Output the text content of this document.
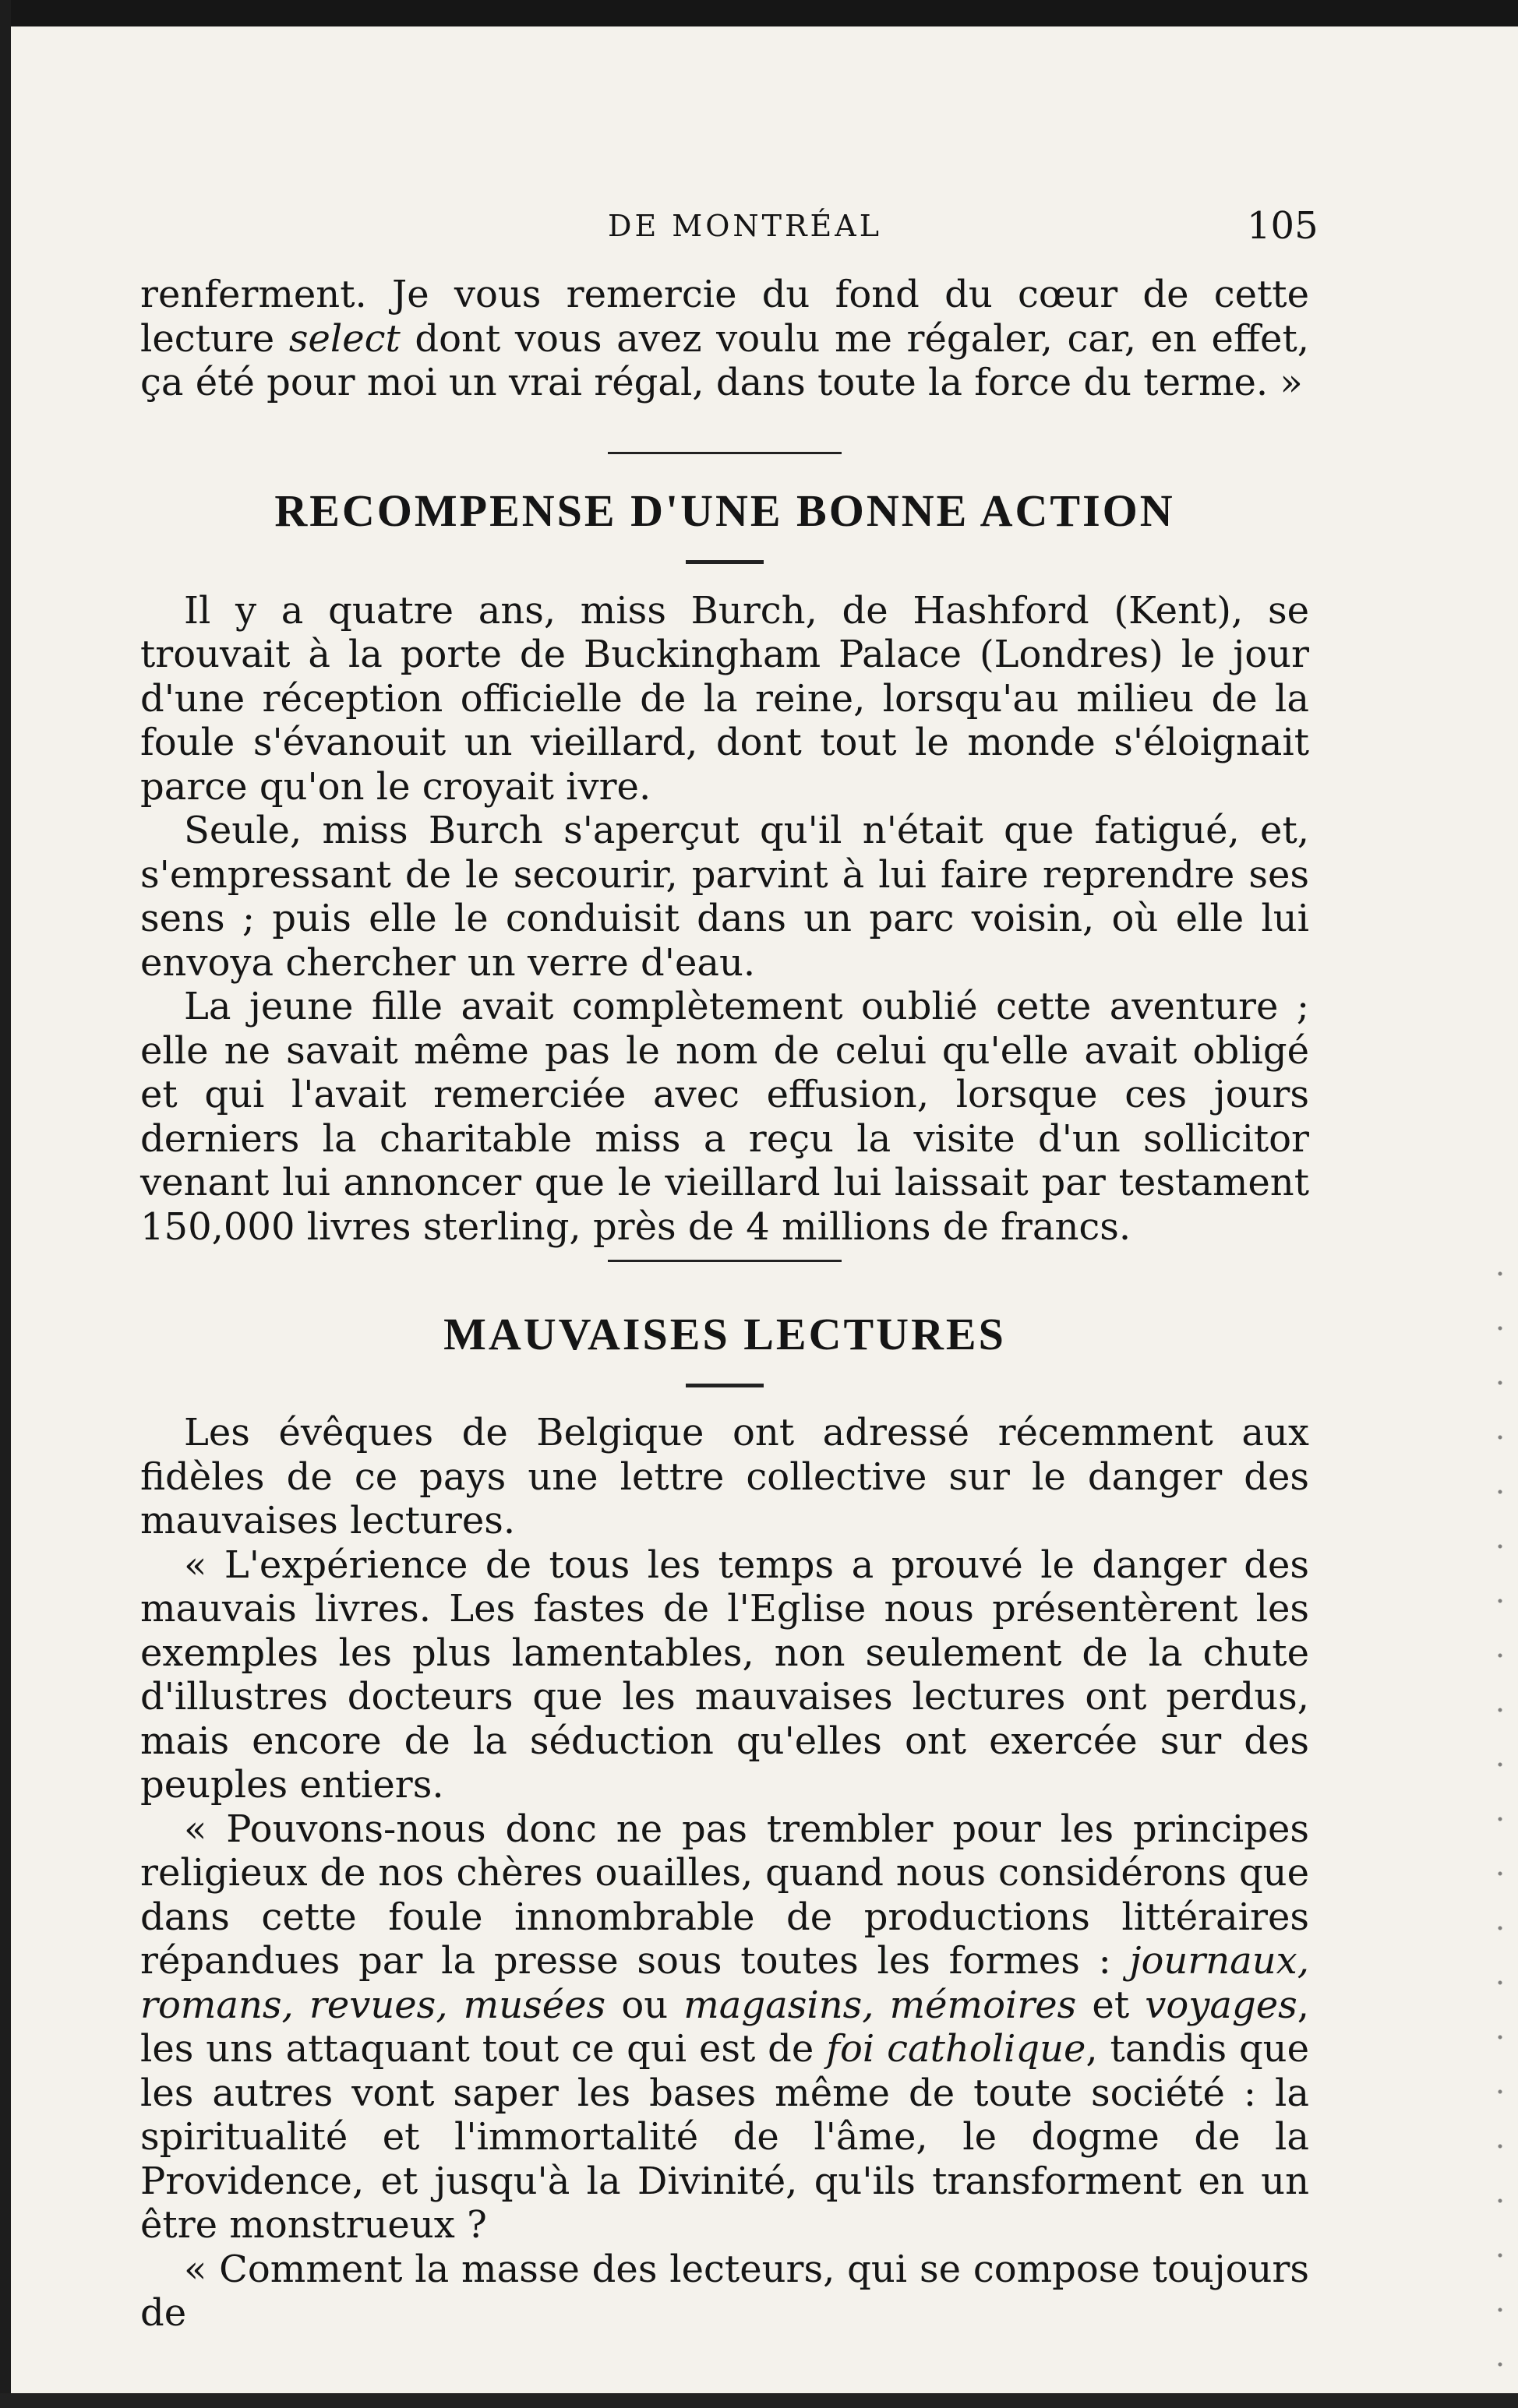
DE MONTRÉAL	105

renferment. Je vous remercie du fond du cœur de cette lecture select dont vous avez voulu me régaler, car, en effet, ça été pour moi un vrai régal, dans toute la force du terme. »

RECOMPENSE D'UNE BONNE ACTION

Il y a quatre ans, miss Burch, de Hashford (Kent), se trouvait à la porte de Buckingham Palace (Londres) le jour d'une réception officielle de la reine, lorsqu'au milieu de la foule s'évanouit un vieillard, dont tout le monde s'éloignait parce qu'on le croyait ivre.

Seule, miss Burch s'aperçut qu'il n'était que fatigué, et, s'empressant de le secourir, parvint à lui faire reprendre ses sens ; puis elle le conduisit dans un parc voisin, où elle lui envoya chercher un verre d'eau.

La jeune fille avait complètement oublié cette aventure ; elle ne savait même pas le nom de celui qu'elle avait obligé et qui l'avait remerciée avec effusion, lorsque ces jours derniers la charitable miss a reçu la visite d'un sollicitor venant lui annoncer que le vieillard lui laissait par testament 150,000 livres sterling, près de 4 millions de francs.

MAUVAISES LECTURES

Les évêques de Belgique ont adressé récemment aux fidèles de ce pays une lettre collective sur le danger des mauvaises lectures.

« L'expérience de tous les temps a prouvé le danger des mauvais livres. Les fastes de l'Eglise nous présentèrent les exemples les plus lamentables, non seulement de la chute d'illustres docteurs que les mauvaises lectures ont perdus, mais encore de la séduction qu'elles ont exercée sur des peuples entiers.

« Pouvons-nous donc ne pas trembler pour les principes religieux de nos chères ouailles, quand nous considérons que dans cette foule innombrable de productions littéraires répandues par la presse sous toutes les formes : journaux, romans, revues, musées ou magasins, mémoires et voyages, les uns attaquant tout ce qui est de foi catholique, tandis que les autres vont saper les bases même de toute société : la spiritualité et l'immortalité de l'âme, le dogme de la Providence, et jusqu'à la Divinité, qu'ils transforment en un être monstrueux ?

« Comment la masse des lecteurs, qui se compose toujours de
